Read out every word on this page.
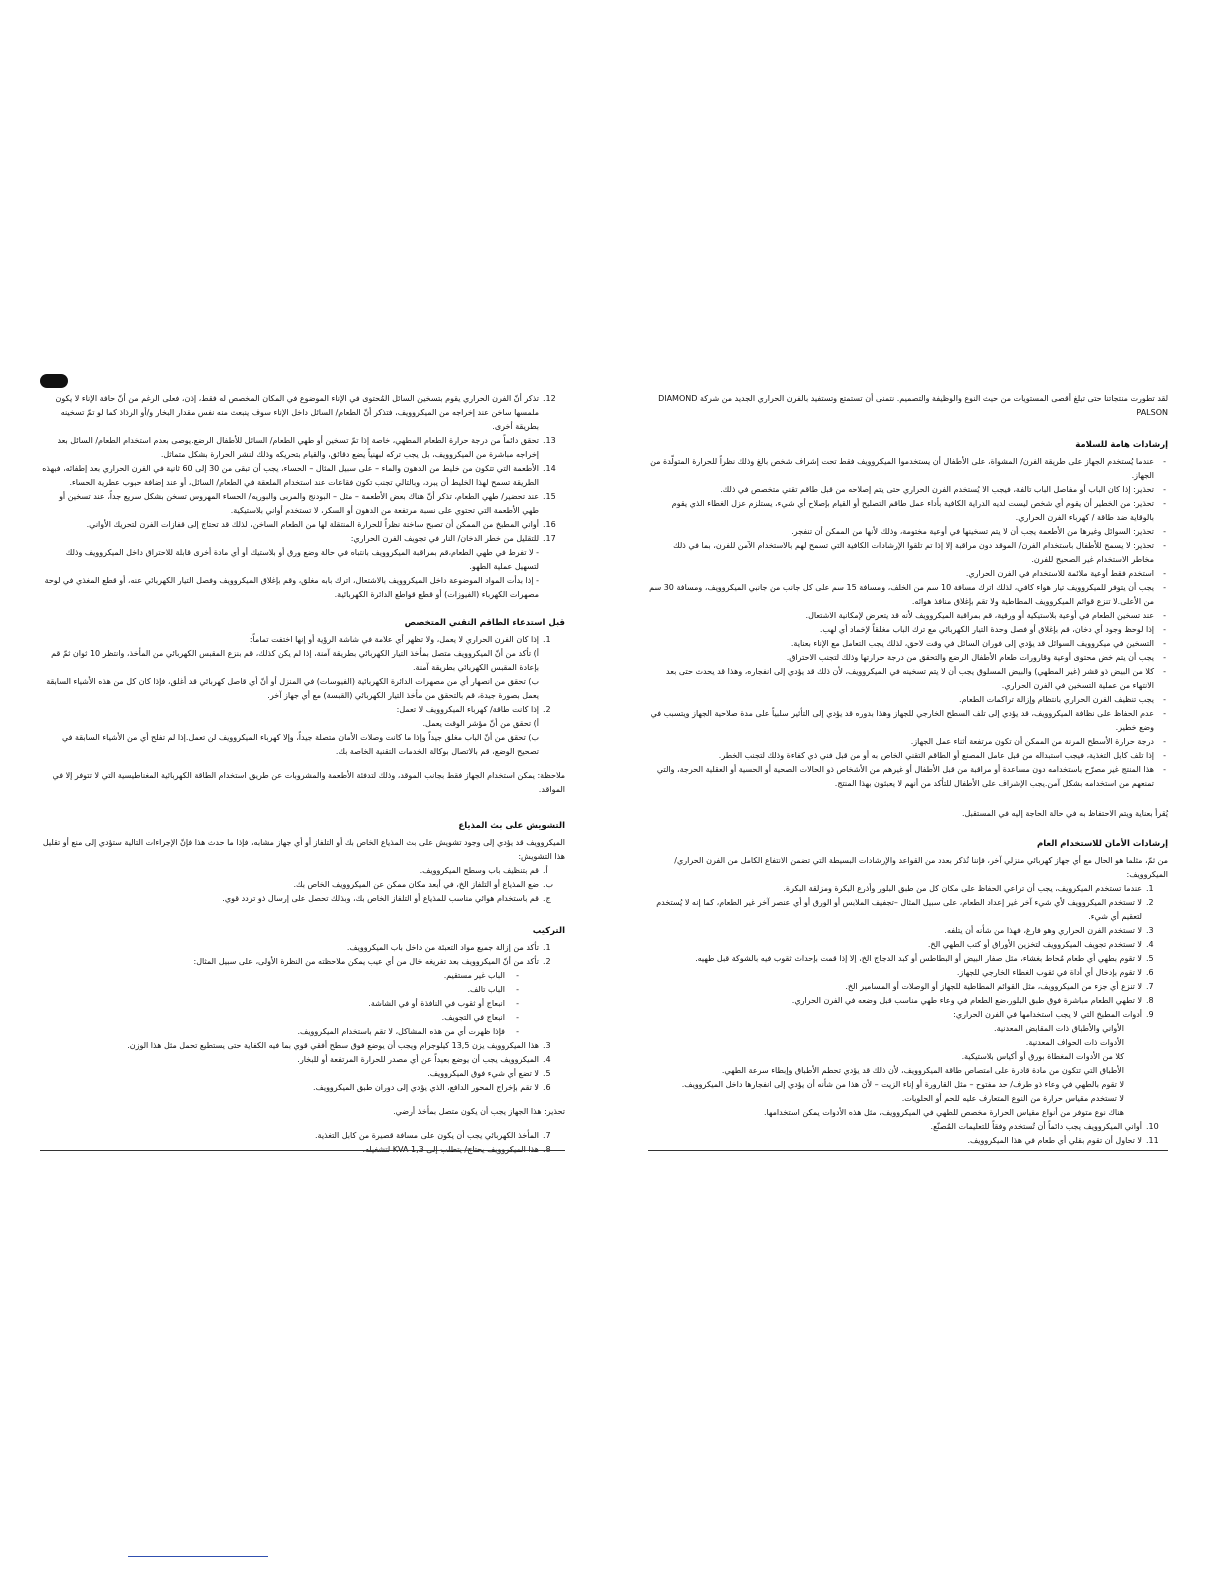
.12
تذكر أنّ الفرن الحراري يقوم بتسخين السائل المُحتوى في الإناء الموضوع في المكان المخصص له فقط، إذن، فعلى الرغم من أنّ حافة الإناء لا يكون ملمسها ساخن عند إخراجه من الميكروويف، فتذكر أنّ الطعام/ السائل داخل الإناء سوف ينبعث منه نفس مقدار البخار و/أو الرذاذ كما لو تمّ تسخينه بطريقة أخرى.
.13
تحقق دائماً من درجة حرارة الطعام المطهي، خاصة إذا تمّ تسخين أو طهي الطعام/ السائل للأطفال الرضع.يوصى بعدم استخدام الطعام/ السائل بعد إخراجه مباشرة من الميكروويف، بل يجب تركه لبهنياً يضع دقائق، والقيام بتحريكه وذلك لنشر الحرارة بشكل متماثل.
.14
الأطعمة التي تتكون من خليط من الدهون والماء – على سبيل المثال – الحساء، يجب أن تبقى من 30 إلى 60 ثانية في الفرن الحراري بعد إطفائه، فبهذه الطريقة تسمح لهذا الخليط أن يبرد، وبالتالي تجنب تكون فقاعات عند استخدام الملعقة في الطعام/ السائل، أو عند إضافة حبوب عطرية الحساء.
.15
عند تحضير/ طهي الطعام، تذكر أنّ هناك بعض الأطعمة – مثل – البودنج والمربى والبوريه/ الحساء المهروس تسخن بشكل سريع جداً، عند تسخين أو طهي الأطعمة التي تحتوي على نسبة مرتفعة من الدهون أو السكر، لا تستخدم أواني بلاستيكية.
.16
أواني المطبخ من الممكن أن تصبح ساخنة نظراً للحرارة المنتقلة لها من الطعام الساخن، لذلك قد تحتاج إلى قفازات الفرن لتحريك الأواني.
.17
للتقليل من خطر الدخان/ النار في تجويف الفرن الحراري:
- لا تفرط في طهي الطعام،قم بمراقبة الميكروويف بانتباه في حالة وضع ورق أو بلاستيك أو أي مادة أخرى قابلة للاحتراق داخل الميكروويف وذلك لتسهيل عملية الطهو.
- إذا بدأت المواد الموضوعة داخل الميكروويف بالاشتعال، اترك بابه مغلق، وقم بإغلاق الميكروويف وفصل التيار الكهربائي عنه، أو قطع المغذي في لوحة مصهرات الكهرباء (الفيوزات) أو قطع قواطع الدائرة الكهربائية.
قبل استدعاء الطاقم التقني المتخصص
.1
إذا كان الفرن الحراري لا يعمل، ولا تظهر أي علامة في شاشة الرؤية أو إنها اختفت تماماً:
أ) تأكد من أنّ الميكروويف متصل بمأخذ التيار الكهربائي بطريقة آمنة، إذا لم يكن كذلك، قم بنزع المقبس الكهربائي من المأخذ، وانتظر 10 ثوان ثمّ قم بإعادة المقبس الكهربائي بطريقة آمنة.
ب) تحقق من انصهار أي من مصهرات الدائرة الكهربائية (الفيوسات) في المنزل أو أنّ أي قاصل كهربائي قد أغلق، فإذا كان كل من هذه الأشياء السابقة يعمل بصورة جيدة، قم بالتحقق من مأخذ التيار الكهربائي (القبسة) مع أي جهاز آخر.
.2
إذا كانت طاقة/ كهرباء الميكروويف لا تعمل:
أ) تحقق من أنّ مؤشر الوقت يعمل.
ب) تحقق من أنّ الباب مغلق جيداً وإذا ما كانت وصلات الأمان متصلة جيداً، وإلا كهرباء الميكروويف لن تعمل.إذا لم تفلح أي من الأشياء السابقة في تصحيح الوضع، قم بالاتصال بوكالة الخدمات التقنية الخاصة بك.

ملاحظة: يمكن استخدام الجهاز فقط بجانب الموقد، وذلك لتدفئة الأطعمة والمشروبات عن طريق استخدام الطاقة الكهربائية المغناطيسية التي لا تتوفر إلا في المواقد.

التشويش على بث المذياع

الميكروويف قد يؤدي إلى وجود تشويش على بث المذياع الخاص بك أو التلفاز أو أي جهاز مشابه، فإذا ما حدث هذا فإنّ الإجراءات التالية ستؤدي إلى منع أو تقليل هذا التشويش:

.أ
قم بتنظيف باب وسطح الميكروويف.
.ب
ضع المذياع أو التلفاز الخ، في أبعد مكان ممكن عن الميكروويف الخاص بك.
.ج
قم باستخدام هوائي مناسب للمذياع أو التلفاز الخاص بك، وبذلك تحصل على إرسال ذو تردد قوي.
التركيب
.1
تأكد من إزالة جميع مواد التعبئة من داخل باب الميكروويف.
.2
تأكد من أنّ الميكروويف بعد تفريغه خال من أي عيب يمكن ملاحظته من النظرة الأولى، على سبيل المثال:
- الباب غير مستقيم.
- الباب تالف.
- انبعاج أو ثقوب في النافذة أو في الشاشة.
- انبعاج في التجويف.
- فإذا ظهرت أي من هذه المشاكل، لا تقم باستخدام الميكروويف.
.3
هذا الميكروويف يزن 13,5 كيلوجرام ويجب أن يوضع فوق سطح أفقي قوي بما فيه الكفاية حتى يستطيع تحمل مثل هذا الوزن.
.4
الميكروويف يجب أن يوضع بعيداً عن أي مصدر للحرارة المرتفعة أو للبخار.
.5
لا تضع أي شيء فوق الميكروويف.
.6
لا تقم بإخراج المحور الدافع، الذي يؤدي إلى دوران طبق الميكروويف.

تحذير: هذا الجهاز يجب أن يكون متصل بمأخذ أرضي.

.7
المأخذ الكهربائي يجب أن يكون على مسافة قصيرة من كابل التغذية.

لقد تطورت منتجاتنا حتى تبلغ أقصى المستويات من حيث النوع والوظيفة والتصميم. نتمنى أن تستمتع وتستفيد بالفرن الحراري الجديد من شركة DIAMOND PALSON

إرشادات هامة للسلامة
- عندما يُستخدم الجهاز على طريقة الفرن/ المشواة، على الأطفال أن يستخدموا الميكروويف فقط تحت إشراف شخص بالغ وذلك نظراً للحرارة المتولّدة من الجهاز.
- تحذير: إذا كان الباب أو مفاصل الباب تالفة، فيجب الا يُستخدم الفرن الحراري حتى يتم إصلاحه من قبل طاقم تقني متخصص في ذلك.
- تحذير: من الخطير أن يقوم أي شخص ليست لديه الدراية الكافية بأداء عمل طاقم التصليح أو القيام بإصلاح أي شيء، يستلزم عزل الغطاء الذي يقوم بالوقاية ضد طاقة / كهرباء الفرن الحراري.
- تحذير: السوائل وغيرها من الأطعمة يجب أن لا يتم تسخينها في أوعية مختومة، وذلك لأنها من الممكن أن تنفجر.
- تحذير: لا يسمح للأطفال باستخدام الفرن/ الموقد دون مراقبة إلا إذا تم تلقوا الإرشادات الكافية التي تسمح لهم بالاستخدام الآمن للفرن، بما في ذلك مخاطر الاستخدام غير الصحيح للفرن.
- استخدم فقط أوعية ملائمة للاستخدام في الفرن الحراري.
- يجب أن يتوفر للميكروويف تيار هواء كافي، لذلك اترك مسافة 10 سم من الخلف، ومسافة 15 سم على كل جانب من جانبي الميكروويف، ومسافة 30 سم من الأعلى.لا تنزع قوائم الميكروويف المطاطية ولا تقم بإغلاق منافذ هوائه.
- عند تسخين الطعام في أوعية بلاستيكية أو ورقية، قم بمراقبة الميكروويف لأنه قد يتعرض لإمكانية الاشتعال.
- إذا لوحظ وجود أي دخان، قم بإغلاق أو فصل وحدة التيار الكهربائي مع ترك الباب مغلقاً لإخماد أي لهب.
- التسخين في ميكروويف السوائل قد يؤدي إلى فوران السائل في وقت لاحق، لذلك يجب التعامل مع الإناء بعناية.
- يجب أن يتم خض محتوى أوعية وقارورات طعام الأطفال الرضع والتحقق من درجة حرارتها وذلك لتجنب الاحتراق.
- كلا من البيض ذو قشر (غير المطهي) والبيض المسلوق يجب أن لا يتم تسخينه في الميكروويف، لأن ذلك قد يؤدي إلى انفجاره، وهذا قد يحدث حتى بعد الانتهاء من عملية التسخين في الفرن الحراري.
- يجب تنظيف الفرن الحراري بانتظام وإزالة تراكمات الطعام.
- عدم الحفاظ على نظافة الميكروويف، قد يؤدي إلى تلف السطح الخارجي للجهاز وهذا بدوره قد يؤدي إلى التأثير سلبياً على مدة صلاحية الجهاز ويتسبب في وضع خطير.
- درجة حرارة الأسطح المرنة من الممكن أن تكون مرتفعة أثناء عمل الجهاز.
- إذا تلف كابل التغذية، فيجب استبداله من قبل عامل المصنع أو الطاقم التقني الخاص به أو من قبل فني ذي كفاءة وذلك لتجنب الخطر.
- هذا المنتج غير مصرّح باستخدامه دون مساعدة أو مراقبة من قبل الأطفال أو غيرهم من الأشخاص ذو الحالات الصحية أو الحسية أو العقلية الحرجة، والتي تمنعهم من استخدامه بشكل آمن.يجب الإشراف على الأطفال للتأكد من أنهم لا يعبثون بهذا المنتج.

يُقرأ بعناية ويتم الاحتفاظ به في حالة الحاجة إليه في المستقبل.

إرشادات الأمان للاستخدام العام

من ثمّ، مثلما هو الحال مع أي جهاز كهربائي منزلي آخر، فإننا نُذكر بعدد من القواعد والإرشادات البسيطة التي تضمن الانتفاع الكامل من الفرن الحراري/ الميكروويف:

.1
عندما تستخدم الميكرويف، يجب أن تراعي الحفاظ على مكان كل من طبق البلور وأذرع البكرة ومزلقة البكرة.
.2
لا تستخدم الميكروويف لأي شيء آخر غير إعداد الطعام، على سبيل المثال –تجفيف الملابس أو الورق أو أي عنصر آخر غير الطعام، كما إنه لا يُستخدم لتعقيم أي شيء.
.3
لا تستخدم الفرن الحراري وهو فارغ، فهذا من شأنه أن يتلفه.
.4
لا تستخدم تجويف الميكروويف لتخزين الأوراق أو كتب الطهي الخ.
.5
لا تقوم بطهي أي طعام مُحاط بغشاء، مثل صفار البيض أو البطاطس أو كبد الدجاج الخ، إلا إذا قمت بإحداث ثقوب فيه بالشوكة قبل طهيه.
.6
لا تقوم بإدخال أي أداة في ثقوب الغطاء الخارجي للجهاز.
.7
لا تنزع أي جزء من الميكروويف، مثل القوائم المطاطية للجهاز أو الوصلات أو المسامير الخ.
.8
لا تطهي الطعام مباشرة فوق طبق البلور،ضع الطعام في وعاء طهي مناسب قبل وضعه في الفرن الحراري.
.9
أدوات المطبخ التي لا يجب استخدامها في الفرن الحراري:
الأواني والأطباق ذات المقابض المعدنية.
الأدوات ذات الحواف المعدنية.
كلا من الأدوات المغطاة بورق أو أكياس بلاستيكية.
الأطباق التي تتكون من مادة قادرة على امتصاص طاقة الميكروويف، لأن ذلك قد يؤدي تحطم الأطباق وإبطاء سرعة الطهي.
لا تقوم بالطهي في وعاء ذو طرف/ حد مفتوح – مثل القارورة أو إناء الزيت – لأن هذا من شأنه أن يؤدي إلى انفجارها داخل الميكروويف.
لا تستخدم مقياس حرارة من النوع المتعارف عليه للحم أو الحلويات.
هناك نوع متوفر من أنواع مقياس الحرارة مخصص للطهي في الميكروويف، مثل هذه الأدوات يمكن استخدامها.
.10
أواني الميكروويف يجب دائماً أن تُستخدم وفقاً للتعليمات المُصنّع.
.11
لا تحاول أن تقوم بقلي أي طعام في هذا الميكروويف.
